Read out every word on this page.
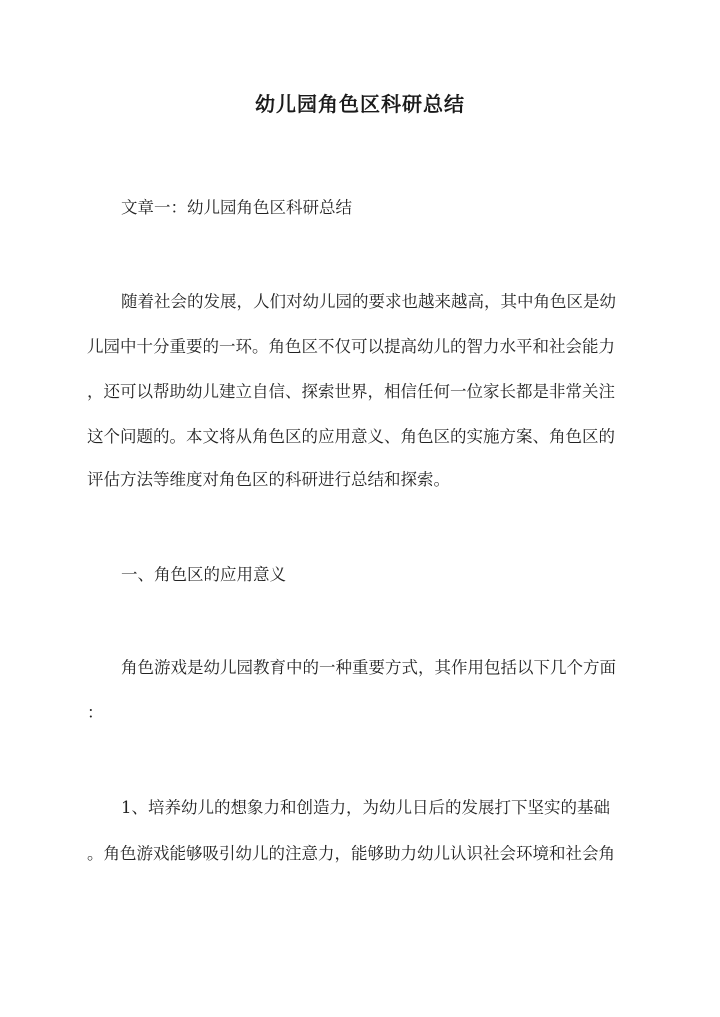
幼儿园角色区科研总结
文章一：幼儿园角色区科研总结
随着社会的发展，人们对幼儿园的要求也越来越高，其中角色区是幼
儿园中十分重要的一环。角色区不仅可以提高幼儿的智力水平和社会能力
，还可以帮助幼儿建立自信、探索世界，相信任何一位家长都是非常关注
这个问题的。本文将从角色区的应用意义、角色区的实施方案、角色区的
评估方法等维度对角色区的科研进行总结和探索。
一、角色区的应用意义
角色游戏是幼儿园教育中的一种重要方式，其作用包括以下几个方面
：
1、培养幼儿的想象力和创造力，为幼儿日后的发展打下坚实的基础
。角色游戏能够吸引幼儿的注意力，能够助力幼儿认识社会环境和社会角
